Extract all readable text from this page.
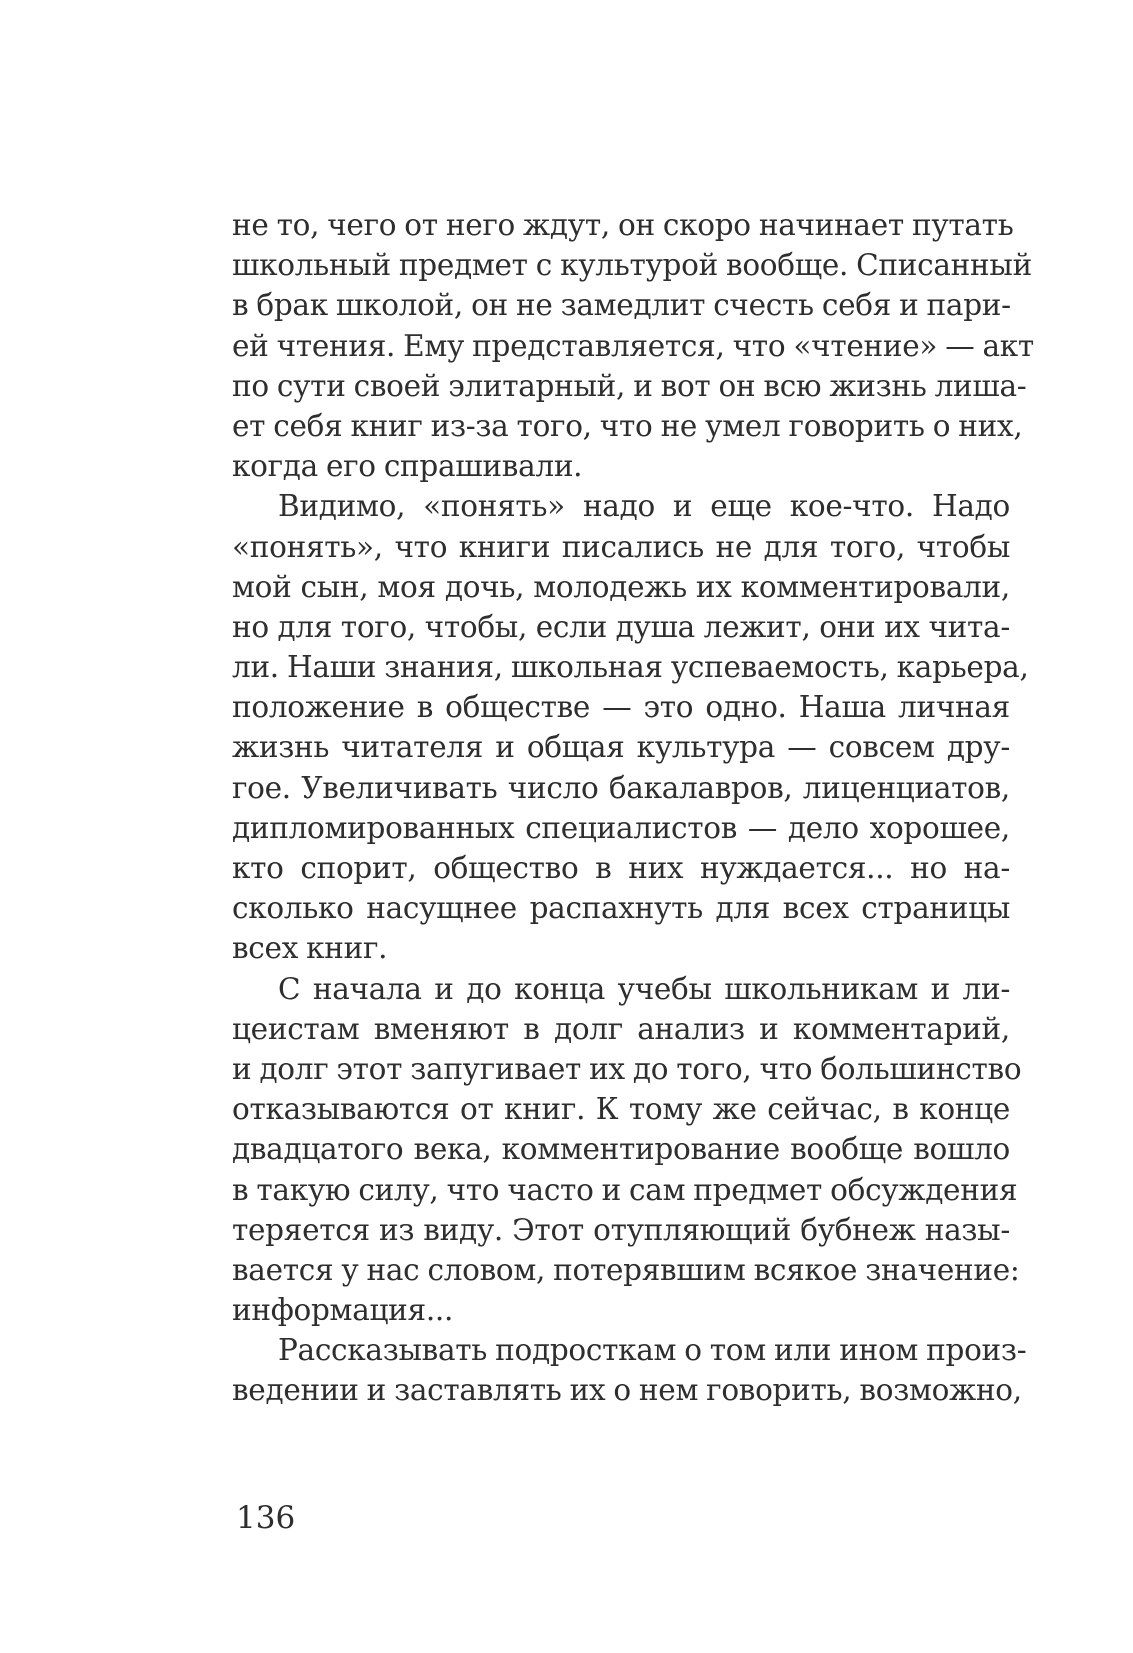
не то, чего от него ждут, он скоро начинает путать
школьный предмет с культурой вообще. Списанный
в брак школой, он не замедлит счесть себя и пари-
ей чтения. Ему представляется, что «чтение» — акт
по сути своей элитарный, и вот он всю жизнь лиша-
ет себя книг из-за того, что не умел говорить о них,
когда его спрашивали.
Видимо, «понять» надо и еще кое-что. Надо
«понять», что книги писались не для того, чтобы
мой сын, моя дочь, молодежь их комментировали,
но для того, чтобы, если душа лежит, они их чита-
ли. Наши знания, школьная успеваемость, карьера,
положение в обществе — это одно. Наша личная
жизнь читателя и общая культура — совсем дру-
гое. Увеличивать число бакалавров, лиценциатов,
дипломированных специалистов — дело хорошее,
кто спорит, общество в них нуждается... но на-
сколько насущнее распахнуть для всех страницы
всех книг.
С начала и до конца учебы школьникам и ли-
цеистам вменяют в долг анализ и комментарий,
и долг этот запугивает их до того, что большинство
отказываются от книг. К тому же сейчас, в конце
двадцатого века, комментирование вообще вошло
в такую силу, что часто и сам предмет обсуждения
теряется из виду. Этот отупляющий бубнеж назы-
вается у нас словом, потерявшим всякое значение:
информация...
Рассказывать подросткам о том или ином произ-
ведении и заставлять их о нем говорить, возможно,
136
